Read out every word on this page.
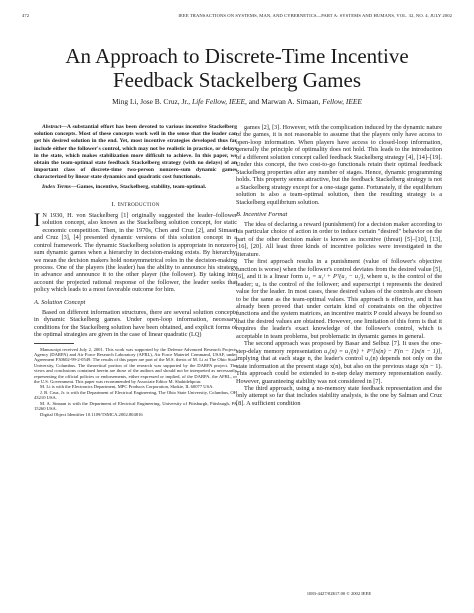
472	IEEE TRANSACTIONS ON SYSTEMS, MAN, AND CYBERNETICS—PART A: SYSTEMS AND HUMANS, VOL. 32, NO. 4, JULY 2002
An Approach to Discrete-Time Incentive Feedback Stackelberg Games
Ming Li, Jose B. Cruz, Jr., Life Fellow, IEEE, and Marwan A. Simaan, Fellow, IEEE

Abstract—A substantial effort has been devoted to various incentive Stackelberg solution concepts. Most of these concepts work well in the sense that the leader can get his desired solution in the end. Yet, most incentive strategies developed thus far include either the follower's control, which may not be realistic in practice, or delays in the state, which makes stabilization more difficult to achieve. In this paper, we obtain the team-optimal state feedback Stackelberg strategy (with no delays) of an important class of discrete-time two-person nonzero-sum dynamic games characterized by linear state dynamics and quadratic cost functionals.

Index Terms—Games, incentive, Stackelberg, stability, team-optimal.

I. Introduction

I N 1930, H. von Stackelberg [1] originally suggested the leader–follower solution concept, also known as the Stackelberg solution concept, for static economic competition. Then, in the 1970s, Chen and Cruz [2], and Simaan and Cruz [3], [4] presented dynamic versions of this solution concept in a control framework. The dynamic Stackelberg solution is appropriate in nonzero-sum dynamic games when a hierarchy in decision-making exists. By hierarchy, we mean the decision makers hold nonsymmetrical roles in the decision-making process. One of the players (the leader) has the ability to announce his strategy in advance and announce it to the other player (the follower). By taking into account the projected rational response of the follower, the leader seeks that policy which leads to a most favorable outcome for him.

A. Solution Concept

Based on different information structures, there are several solution concepts in dynamic Stackelberg games. Under open-loop information, necessary conditions for the Stackelberg solution have been obtained, and explicit forms of the optimal strategies are given in the case of linear quadratic (LQ)

Manuscript received July 2, 2001. This work was supported by the Defense Advanced Research Projects Agency (DARPA) and Air Force Research Laboratory (AFRL), Air Force Materiel Command, USAF, under Agreement F30602-99-2-0549. The results of this paper are part of the M.S. thesis of M. Li at The Ohio State University, Columbus. The theoretical portion of the research was supported by the DARPA project. The views and conclusions contained herein are those of the authors and should not be interpreted as necessarily representing the official policies or endorsements, either expressed or implied, of the DARPA, the AFRL, or the U.S. Government. This paper was recommended by Associate Editor M. Shahidehpour.

M. Li is with the Electronics Department, MPC Products Corporation, Skokie, IL 60077 USA.

J. B. Cruz, Jr. is with the Department of Electrical Engineering, The Ohio State University, Columbus, OH 43210 USA.

M. A. Simaan is with the Department of Electrical Engineering, University of Pittsburgh, Pittsburgh, PA 15260 USA.

Digital Object Identifier 10.1109/TSMCA.2002.804816

games [2], [3]. However, with the complication induced by the dynamic nature of the games, it is not reasonable to assume that the players only have access to open-loop information. When players have access to closed-loop information, generally the principle of optimality does not hold. This leads to the introduction of a different solution concept called feedback Stackelberg strategy [4], [14]–[19]. Under this concept, the two cost-to-go functionals retain their optimal feedback Stackelberg properties after any number of stages. Hence, dynamic programming holds. This property seems attractive, but the feedback Stackelberg strategy is not a Stackelberg strategy except for a one-stage game. Fortunately, if the equilibrium solution is also a team-optimal solution, then the resulting strategy is a Stackelberg equilibrium solution.

B. Incentive Format

The idea of declaring a reward (punishment) for a decision maker according to his particular choice of action in order to induce certain "desired" behavior on the part of the other decision maker is known as incentive (threat) [5]–[10], [13], [16], [20]. All least three kinds of incentive policies were investigated in the literature.

The first approach results in a punishment (value of follower's objective function is worse) when the follower's control deviates from the desired value [5], [6], and it is a linear form u₁ = u₁ᵗ + Pᵀ(u₂ − u₂ᵗ), where u₁ is the control of the leader; u₂ is the control of the follower; and superscript t represents the desired value for the leader. In most cases, these desired values of the controls are chosen to be the same as the team-optimal values. This approach is effective, and it has already been proved that under certain kind of constraints on the objective functions and the system matrices, an incentive matrix P could always be found so that the desired values are obtained. However, one limitation of this form is that it requires the leader's exact knowledge of the follower's control, which is acceptable in team problems, but problematic in dynamic games in general.

The second approach was proposed by Basar and Selbuz [7]. It uses the one-step-delay memory representation u₁(n) = u₁ᵗ(n) + Pᵀ[x(n) − F(n − 1)x(n − 1)], implying that at each stage n, the leader's control u₁(n) depends not only on the state information at the present stage x(n), but also on the previous stage x(n − 1). This approach could be extended to n-step delay memory representation easily. However, guaranteeing stability was not considered in [7].

The third approach, using a no-memory state feedback representation and the only attempt so far that includes stability analysis, is the one by Salman and Cruz [8]. A sufficient condition

1083-4427/02$17.00 © 2002 IEEE
